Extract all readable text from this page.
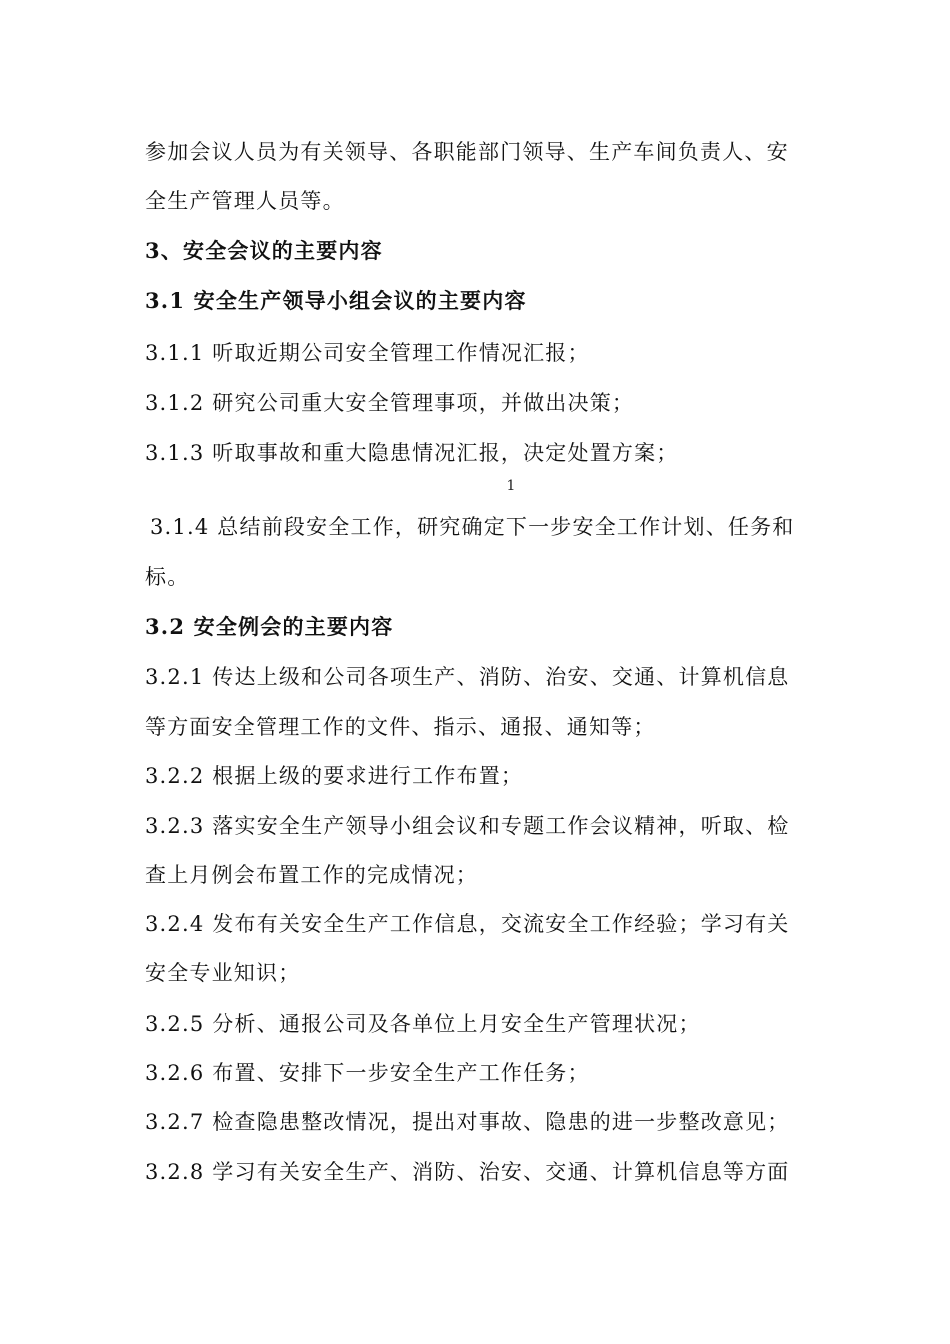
参加会议人员为有关领导、各职能部门领导、生产车间负责人、安
全生产管理人员等。
3、安全会议的主要内容
3.1 安全生产领导小组会议的主要内容
3.1.1 听取近期公司安全管理工作情况汇报；
3.1.2 研究公司重大安全管理事项，并做出决策；
3.1.3 听取事故和重大隐患情况汇报，决定处置方案；
1
3.1.4 总结前段安全工作，研究确定下一步安全工作计划、任务和
标。
3.2 安全例会的主要内容
3.2.1 传达上级和公司各项生产、消防、治安、交通、计算机信息
等方面安全管理工作的文件、指示、通报、通知等；
3.2.2 根据上级的要求进行工作布置；
3.2.3 落实安全生产领导小组会议和专题工作会议精神，听取、检
查上月例会布置工作的完成情况；
3.2.4 发布有关安全生产工作信息，交流安全工作经验；学习有关
安全专业知识；
3.2.5 分析、通报公司及各单位上月安全生产管理状况；
3.2.6 布置、安排下一步安全生产工作任务；
3.2.7 检查隐患整改情况，提出对事故、隐患的进一步整改意见；
3.2.8 学习有关安全生产、消防、治安、交通、计算机信息等方面
